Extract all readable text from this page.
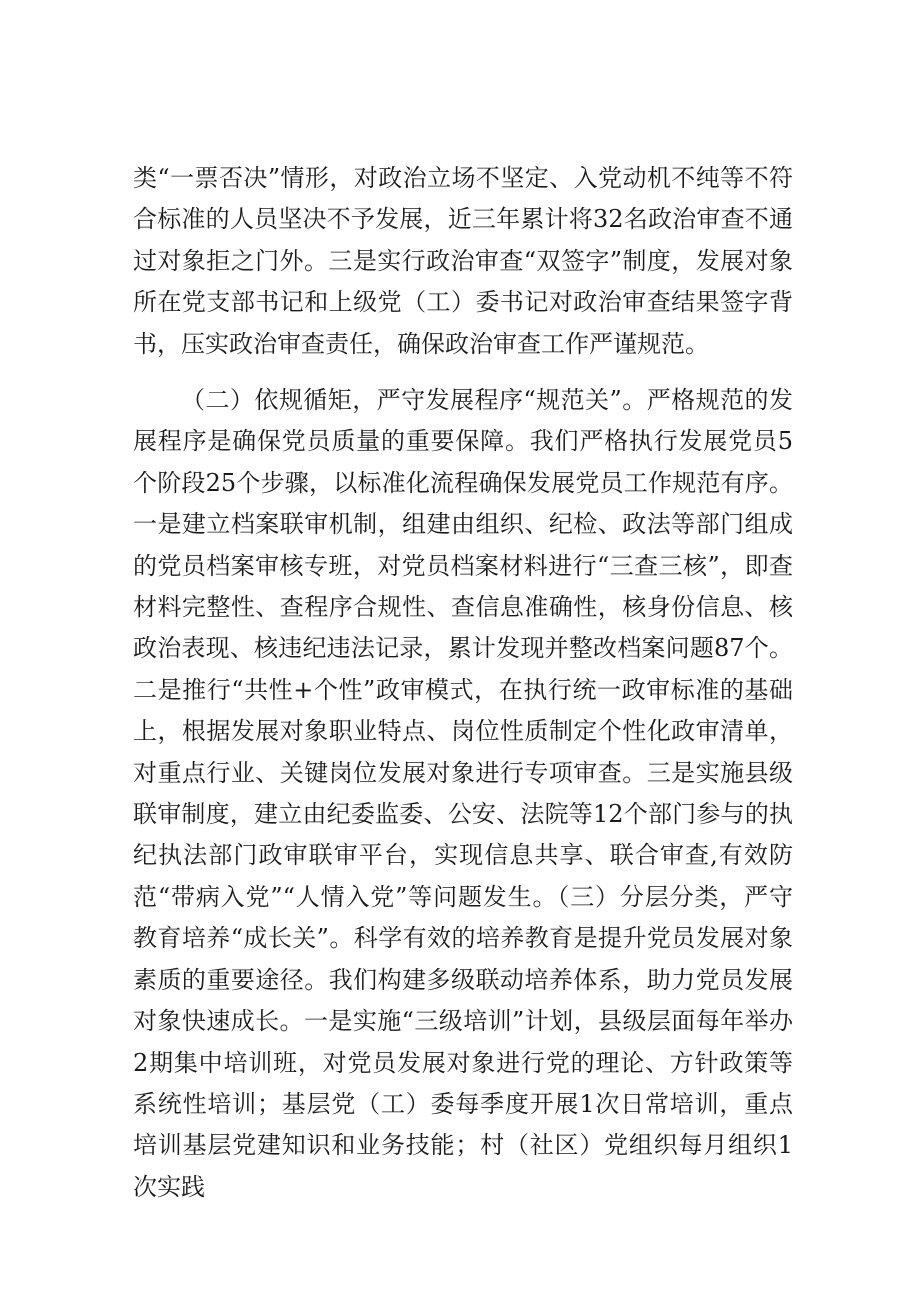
类“一票否决”情形，对政治立场不坚定、入党动机不纯等不符合标准的人员坚决不予发展，近三年累计将32名政治审查不通过对象拒之门外。三是实行政治审查“双签字”制度，发展对象所在党支部书记和上级党（工）委书记对政治审查结果签字背书，压实政治审查责任，确保政治审查工作严谨规范。

（二）依规循矩，严守发展程序“规范关”。严格规范的发展程序是确保党员质量的重要保障。我们严格执行发展党员5个阶段25个步骤，以标准化流程确保发展党员工作规范有序。一是建立档案联审机制，组建由组织、纪检、政法等部门组成的党员档案审核专班，对党员档案材料进行“三查三核”，即查材料完整性、查程序合规性、查信息准确性，核身份信息、核政治表现、核违纪违法记录，累计发现并整改档案问题87个。二是推行“共性+个性”政审模式，在执行统一政审标准的基础上，根据发展对象职业特点、岗位性质制定个性化政审清单，对重点行业、关键岗位发展对象进行专项审查。三是实施县级联审制度，建立由纪委监委、公安、法院等12个部门参与的执纪执法部门政审联审平台，实现信息共享、联合审查,有效防范“带病入党”“人情入党”等问题发生。（三）分层分类，严守教育培养“成长关”。科学有效的培养教育是提升党员发展对象素质的重要途径。我们构建多级联动培养体系，助力党员发展对象快速成长。一是实施“三级培训”计划，县级层面每年举办2期集中培训班，对党员发展对象进行党的理论、方针政策等系统性培训；基层党（工）委每季度开展1次日常培训，重点培训基层党建知识和业务技能；村（社区）党组织每月组织1次实践
